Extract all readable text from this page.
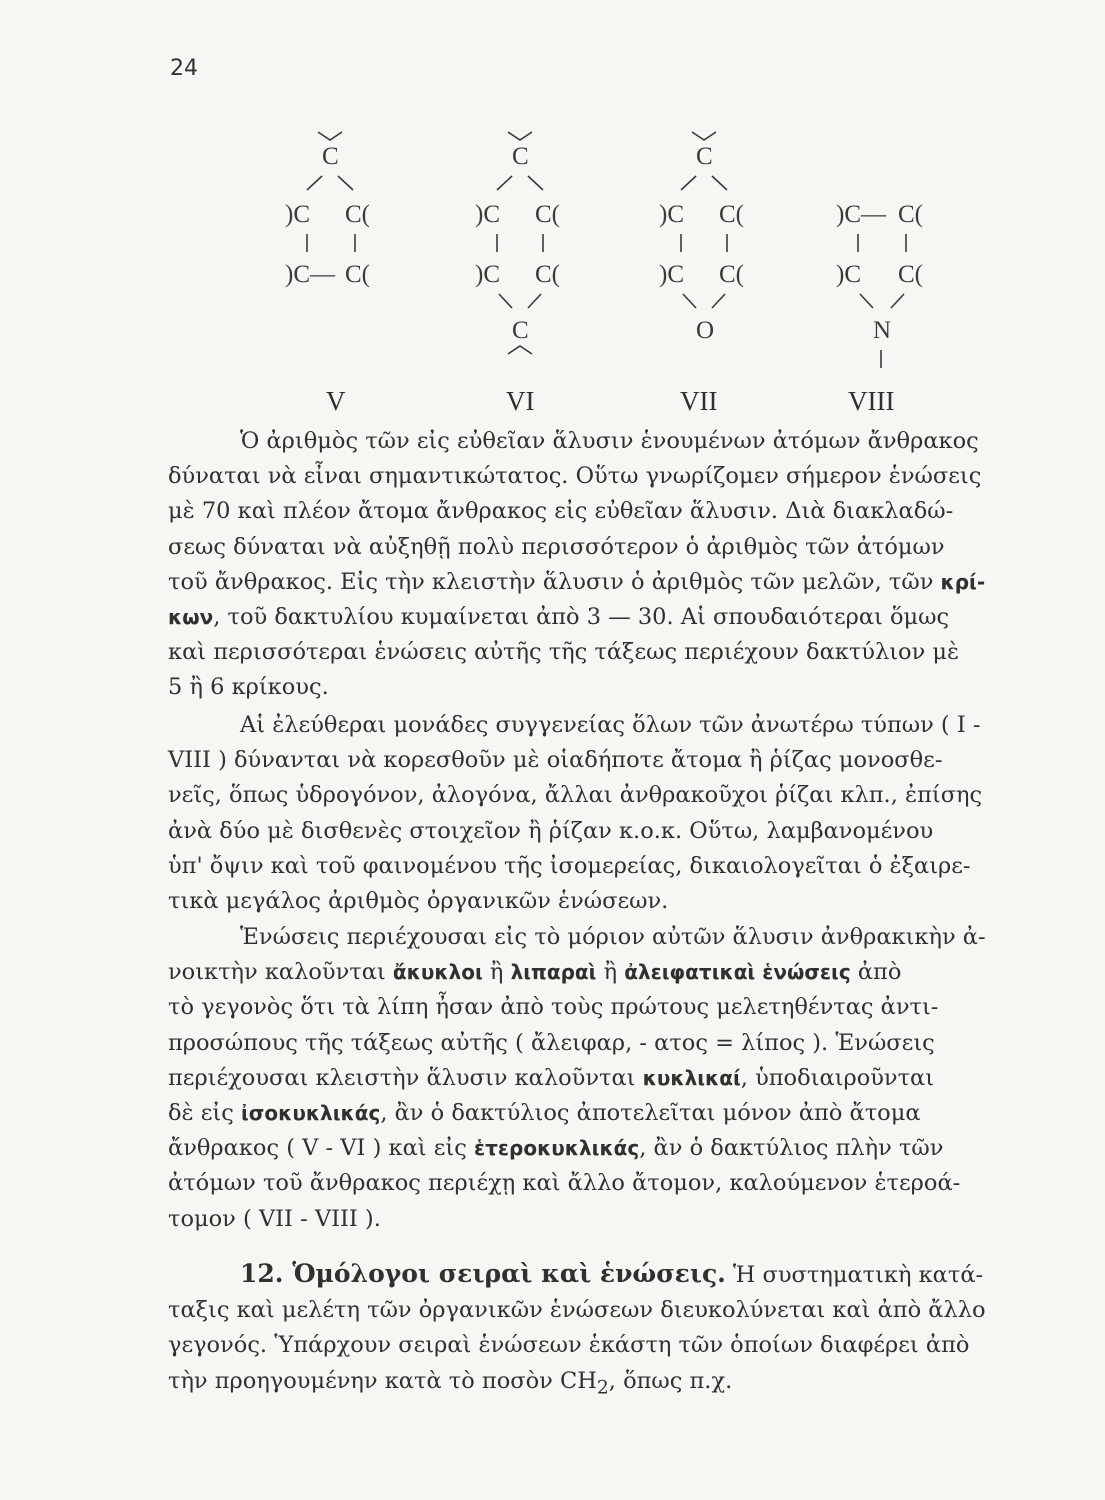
24
C
)C C(
)C— C(
V
C
)C C(
)C C(
C
VI
C
)C C(
)C C(
O
VII
)C— C(
)C C(
N
VIII

Ὁ ἀριθμὸς τῶν εἰς εὐθεῖαν ἅλυσιν ἑνουμένων ἀτόμων ἄνθρακος

δύναται νὰ εἶναι σημαντικώτατος. Οὕτω γνωρίζομεν σήμερον ἑνώσεις

μὲ 70 καὶ πλέον ἄτομα ἄνθρακος εἰς εὐθεῖαν ἅλυσιν. Διὰ διακλαδώ-

σεως δύναται νὰ αὐξηθῇ πολὺ περισσότερον ὁ ἀριθμὸς τῶν ἀτόμων

τοῦ ἄνθρακος. Εἰς τὴν κλειστὴν ἅλυσιν ὁ ἀριθμὸς τῶν μελῶν, τῶν κρί-

κων, τοῦ δακτυλίου κυμαίνεται ἀπὸ 3 — 30. Αἱ σπουδαιότεραι ὅμως

καὶ περισσότεραι ἑνώσεις αὐτῆς τῆς τάξεως περιέχουν δακτύλιον μὲ

5 ἢ 6 κρίκους.

Αἱ ἐλεύθεραι μονάδες συγγενείας ὅλων τῶν ἀνωτέρω τύπων ( I -

VIII ) δύνανται νὰ κορεσθοῦν μὲ οἱαδήποτε ἄτομα ἢ ῥίζας μονοσθε-

νεῖς, ὅπως ὑδρογόνον, ἀλογόνα, ἄλλαι ἀνθρακοῦχοι ῥίζαι κλπ., ἐπίσης

ἀνὰ δύο μὲ δισθενὲς στοιχεῖον ἢ ῥίζαν κ.ο.κ. Οὕτω, λαμβανομένου

ὑπ' ὄψιν καὶ τοῦ φαινομένου τῆς ἰσομερείας, δικαιολογεῖται ὁ ἐξαιρε-

τικὰ μεγάλος ἀριθμὸς ὀργανικῶν ἑνώσεων.

Ἑνώσεις περιέχουσαι εἰς τὸ μόριον αὐτῶν ἅλυσιν ἀνθρακικὴν ἀ-

νοικτὴν καλοῦνται ἄκυκλοι ἢ λιπαραὶ ἢ ἀλειφατικαὶ ἑνώσεις ἀπὸ

τὸ γεγονὸς ὅτι τὰ λίπη ἦσαν ἀπὸ τοὺς πρώτους μελετηθέντας ἀντι-

προσώπους τῆς τάξεως αὐτῆς ( ἄλειφαρ, - ατος = λίπος ). Ἑνώσεις

περιέχουσαι κλειστὴν ἅλυσιν καλοῦνται κυκλικαί, ὑποδιαιροῦνται

δὲ εἰς ἰσοκυκλικάς, ἂν ὁ δακτύλιος ἀποτελεῖται μόνον ἀπὸ ἄτομα

ἄνθρακος ( V - VI ) καὶ εἰς ἑτεροκυκλικάς, ἂν ὁ δακτύλιος πλὴν τῶν

ἀτόμων τοῦ ἄνθρακος περιέχῃ καὶ ἄλλο ἄτομον, καλούμενον ἑτεροά-

τομον ( VII - VIII ).

12. Ὁμόλογοι σειραὶ καὶ ἑνώσεις. Ἡ συστηματικὴ κατά-

ταξις καὶ μελέτη τῶν ὀργανικῶν ἑνώσεων διευκολύνεται καὶ ἀπὸ ἄλλο

γεγονός. Ὑπάρχουν σειραὶ ἑνώσεων ἑκάστη τῶν ὁποίων διαφέρει ἀπὸ

τὴν προηγουμένην κατὰ τὸ ποσὸν $CH_2$, ὅπως π.χ.
